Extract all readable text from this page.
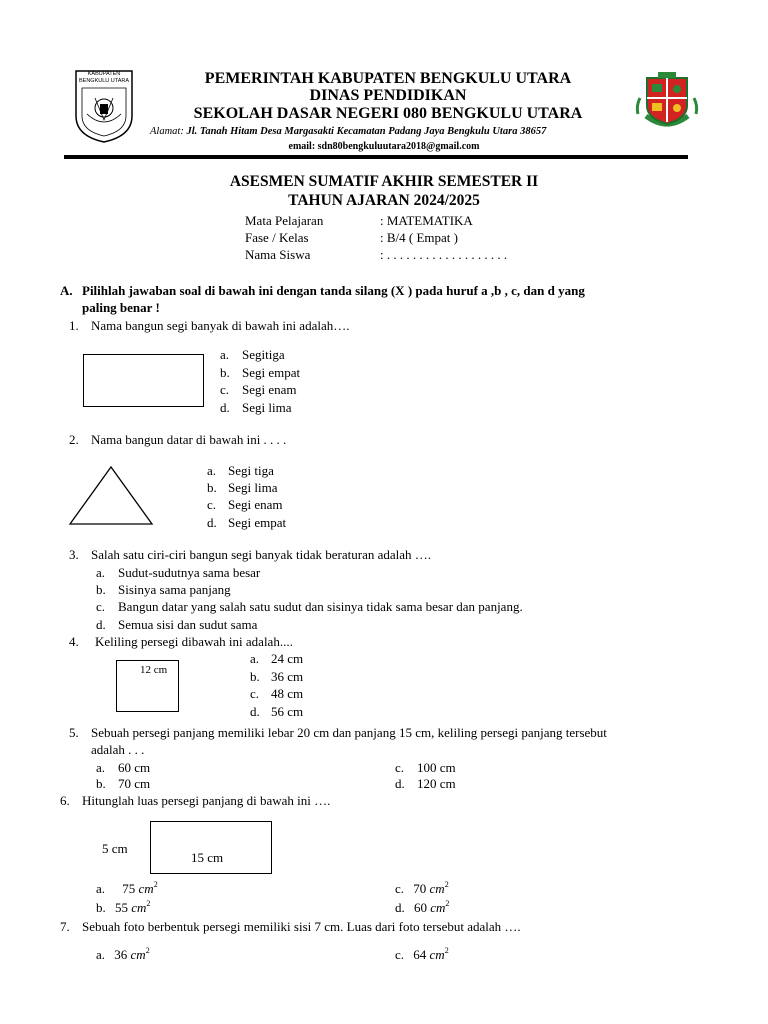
KABUPATEN
BENGKULU UTARA	PEMERINTAH KABUPATEN BENGKULU UTARA
DINAS PENDIDIKAN
SEKOLAH DASAR NEGERI 080 BENGKULU UTARA
Alamat: Jl. Tanah Hitam Desa Margasakti Kecamatan Padang Jaya Bengkulu Utara 38657
email: sdn80bengkuluutara2018@gmail.com
ASESMEN SUMATIF AKHIR SEMESTER II
TAHUN AJARAN 2024/2025
Mata Pelajaran	: MATEMATIKA
Fase / Kelas	: B/4 ( Empat )
Nama Siswa	: . . . . . . . . . . . . . . . . . . .
A. Pilihlah jawaban soal di bawah ini dengan tanda silang (X ) pada huruf a ,b , c, dan d yang
paling benar !
1. Nama bangun segi banyak di bawah ini adalah….
a. Segitiga
b. Segi empat
c. Segi enam
d. Segi lima
2. Nama bangun datar di bawah ini . . . .
a. Segi tiga
b. Segi lima
c. Segi enam
d. Segi empat
3. Salah satu ciri-ciri bangun segi banyak tidak beraturan adalah ….
a. Sudut-sudutnya sama besar
b. Sisinya sama panjang
c. Bangun datar yang salah satu sudut dan sisinya tidak sama besar dan panjang.
d. Semua sisi dan sudut sama
4. Keliling persegi dibawah ini adalah....
12 cm
a. 24 cm
b. 36 cm
c. 48 cm
d. 56 cm
5. Sebuah persegi panjang memiliki lebar 20 cm dan panjang 15 cm, keliling persegi panjang tersebut
adalah . . .
a. 60 cm
b. 70 cm
c. 100 cm
d. 120 cm
6. Hitunglah luas persegi panjang di bawah ini ….
5 cm
15 cm
a. 75 $cm^2$
b. 55 $cm^2$
c. 70 $cm^2$
d. 60 $cm^2$
7. Sebuah foto berbentuk persegi memiliki sisi 7 cm. Luas dari foto tersebut adalah ….
a. 36 $cm^2$	c. 64 $cm^2$
